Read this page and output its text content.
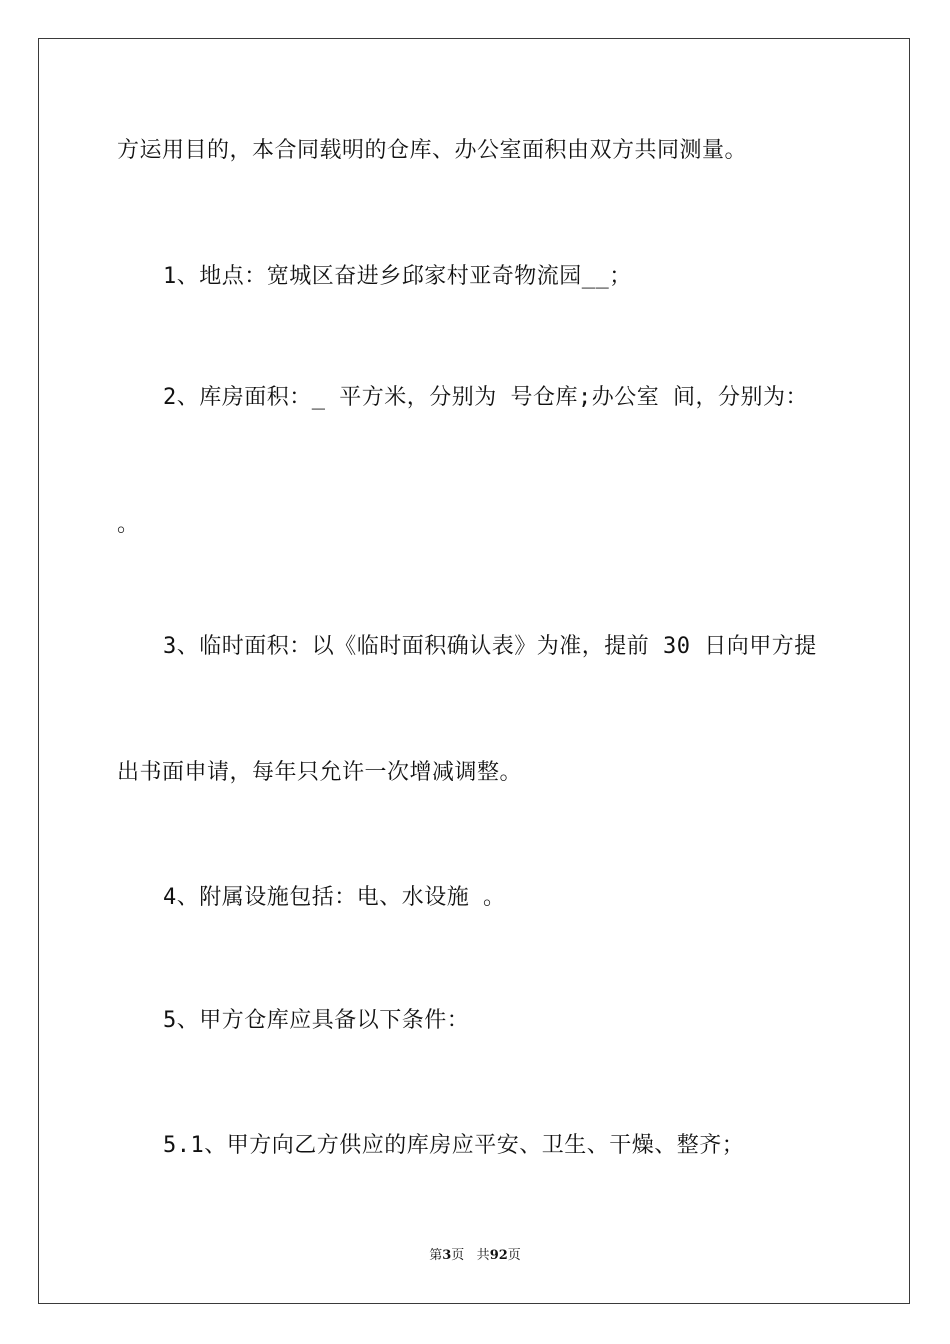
方运用目的，本合同载明的仓库、办公室面积由双方共同测量。
1、地点：宽城区奋进乡邱家村亚奇物流园__；
2、库房面积：_ 平方米，分别为 号仓库;办公室 间，分别为：
。
3、临时面积：以《临时面积确认表》为准，提前 30 日向甲方提
出书面申请，每年只允许一次增减调整。
4、附属设施包括：电、水设施 。
5、甲方仓库应具备以下条件：
5.1、甲方向乙方供应的库房应平安、卫生、干燥、整齐；
第3页 共92页
